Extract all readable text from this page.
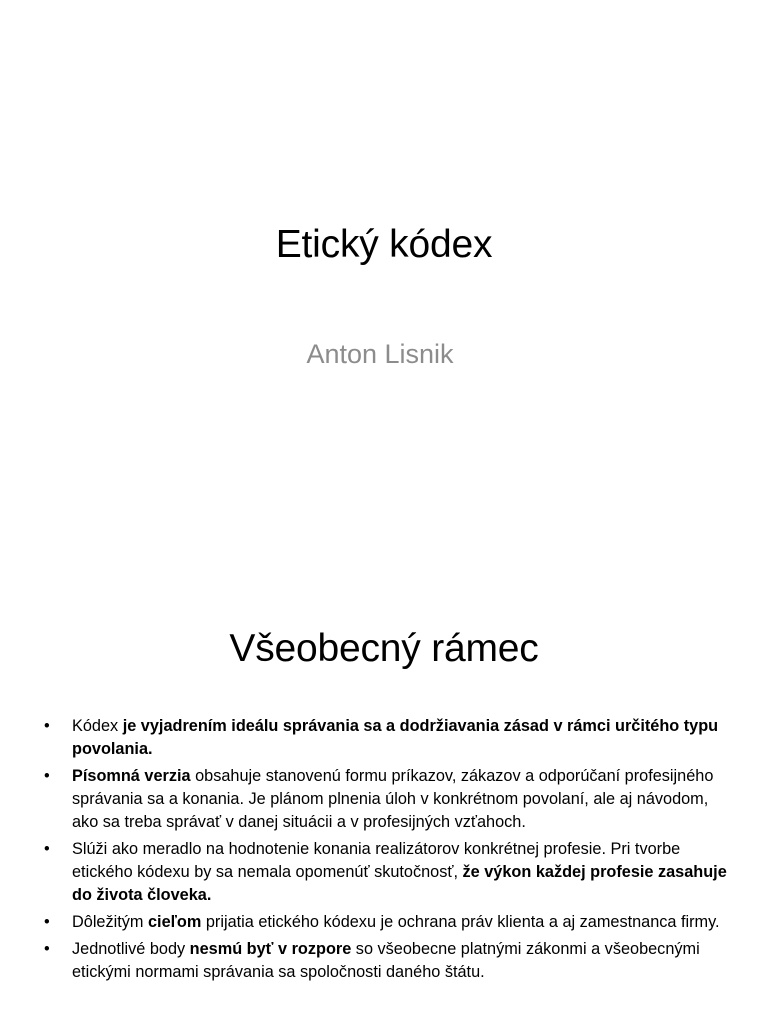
Etický kódex
Anton Lisnik
Všeobecný rámec
•	Kódex je vyjadrením ideálu správania sa a dodržiavania zásad v rámci určitého typu povolania.
•	Písomná verzia obsahuje stanovenú formu príkazov, zákazov a odporúčaní profesijného správania sa a konania. Je plánom plnenia úloh v konkrétnom povolaní, ale aj návodom, ako sa treba správať v danej situácii a v profesijných vzťahoch.
•	Slúži ako meradlo na hodnotenie konania realizátorov konkrétnej profesie. Pri tvorbe etického kódexu by sa nemala opomenúť skutočnosť, že výkon každej profesie zasahuje do života človeka.
•	Dôležitým cieľom prijatia etického kódexu je ochrana práv klienta a aj zamestnanca firmy.
•	Jednotlivé body nesmú byť v rozpore so všeobecne platnými zákonmi a všeobecnými etickými normami správania sa spoločnosti daného štátu.
